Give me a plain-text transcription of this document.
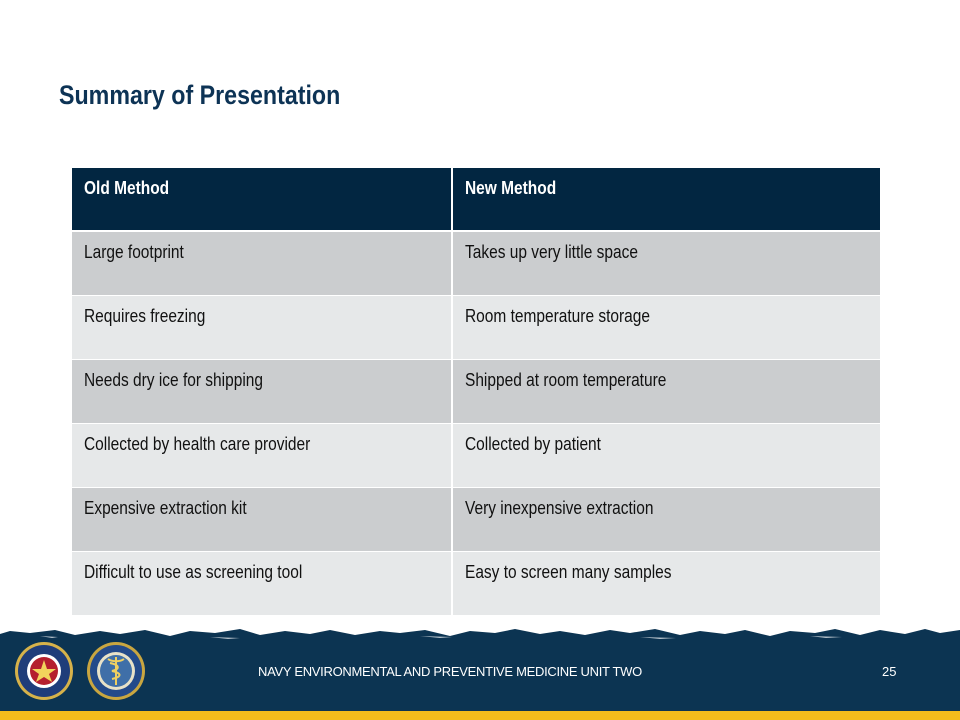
Summary of Presentation
Old Method	New Method
Large footprint	Takes up very little space
Requires freezing	Room temperature storage
Needs dry ice for shipping	Shipped at room temperature
Collected by health care provider	Collected by patient
Expensive extraction kit	Very inexpensive extraction
Difficult to use as screening tool	Easy to screen many samples
NAVY ENVIRONMENTAL AND PREVENTIVE MEDICINE UNIT TWO	25
